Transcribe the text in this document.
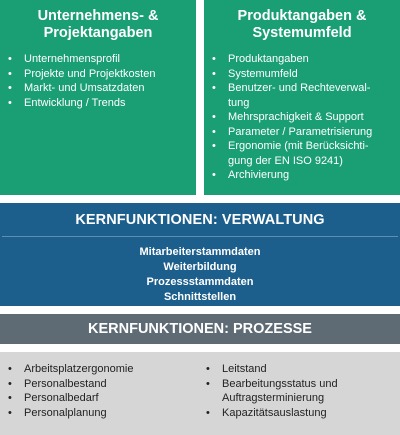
Unternehmens- &
Projektangaben
• Unternehmensprofil
• Projekte und Projektkosten
• Markt- und Umsatzdaten
• Entwicklung / Trends
Produktangaben &
Systemumfeld
• Produktangaben
• Systemumfeld
• Benutzer- und Rechteverwal-
tung
• Mehrsprachigkeit & Support
• Parameter / Parametrisierung
• Ergonomie (mit Berücksichti-
gung der EN ISO 9241)
• Archivierung
KERNFUNKTIONEN: VERWALTUNG
Mitarbeiterstammdaten
Weiterbildung
Prozessstammdaten
Schnittstellen
KERNFUNKTIONEN: PROZESSE
• Arbeitsplatzergonomie
• Personalbestand
• Personalbedarf
• Personalplanung
• Leitstand
• Bearbeitungsstatus und
Auftragsterminierung
• Kapazitätsauslastung
